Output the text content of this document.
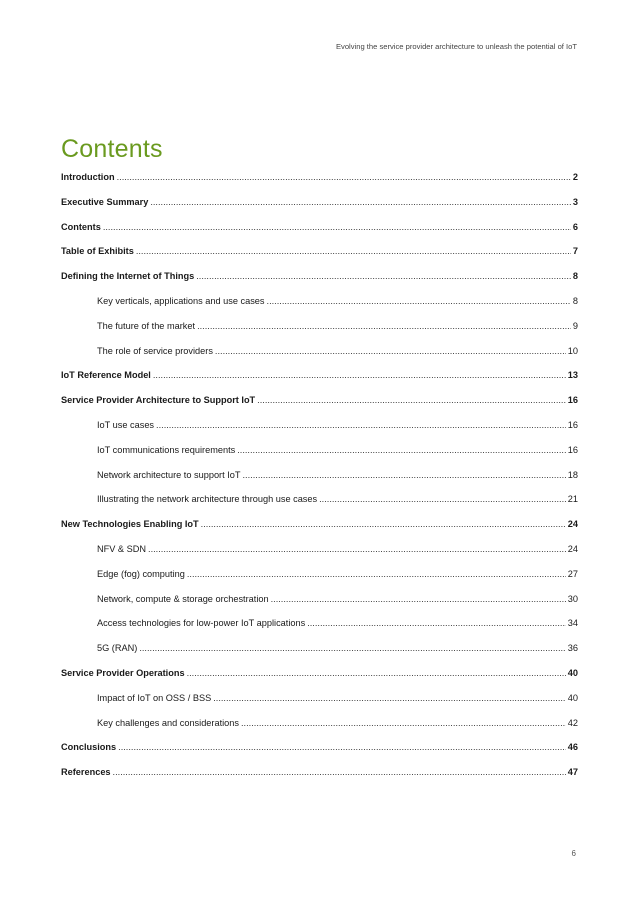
Evolving the service provider architecture to unleash the potential of IoT
Contents
Introduction .....	2
Executive Summary .....	3
Contents .....	6
Table of Exhibits .....	7
Defining the Internet of Things .....	8
Key verticals, applications and use cases .....	8
The future of the market .....	9
The role of service providers .....	10
IoT Reference Model .....	13
Service Provider Architecture to Support IoT .....	16
IoT use cases .....	16
IoT communications requirements .....	16
Network architecture to support IoT .....	18
Illustrating the network architecture through use cases .....	21
New Technologies Enabling IoT .....	24
NFV & SDN .....	24
Edge (fog) computing .....	27
Network, compute & storage orchestration .....	30
Access technologies for low-power IoT applications .....	34
5G (RAN) .....	36
Service Provider Operations .....	40
Impact of IoT on OSS / BSS .....	40
Key challenges and considerations .....	42
Conclusions .....	46
References .....	47
6
